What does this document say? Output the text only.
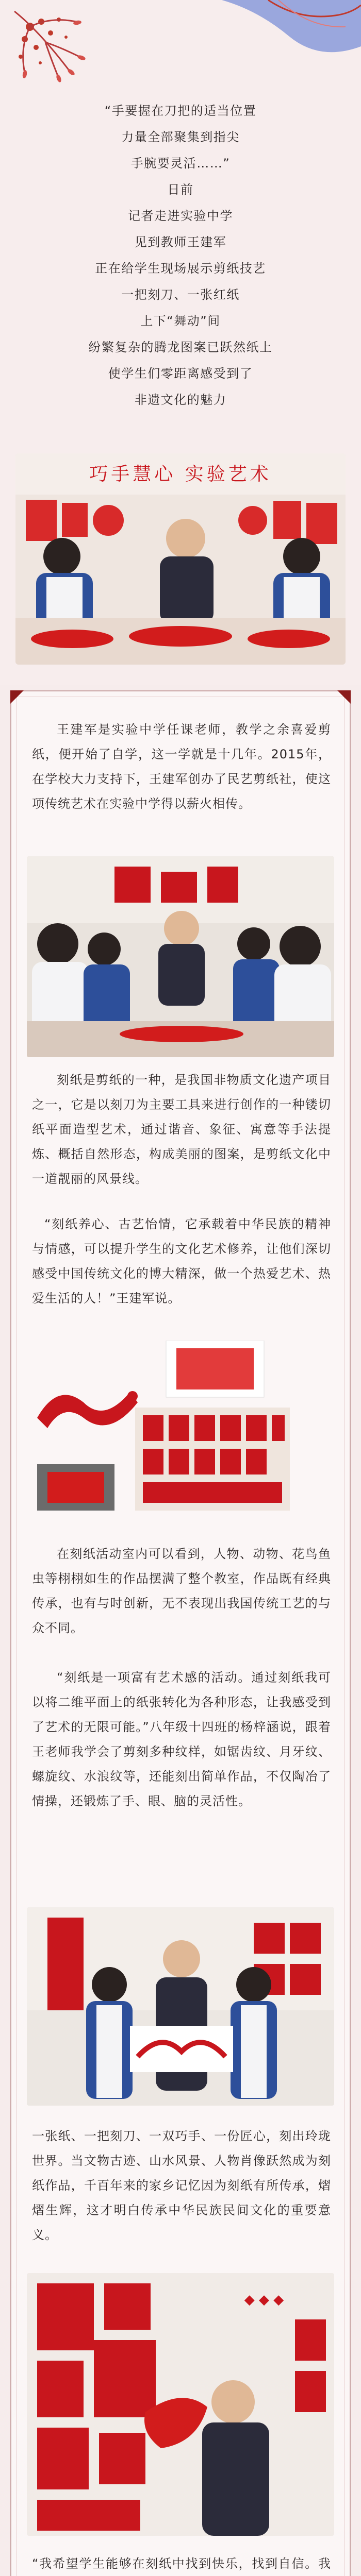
“手要握在刀把的适当位置
力量全部聚集到指尖
手腕要灵活……”
日前
记者走进实验中学
见到教师王建军
正在给学生现场展示剪纸技艺
一把刻刀、一张红纸
上下“舞动”间
纷繁复杂的腾龙图案已跃然纸上
使学生们零距离感受到了
非遗文化的魅力
巧手慧心 实验艺术

王建军是实验中学任课老师，教学之余喜爱剪纸，便开始了自学，这一学就是十几年。2015年，在学校大力支持下，王建军创办了民艺剪纸社，使这项传统艺术在实验中学得以薪火相传。

刻纸是剪纸的一种，是我国非物质文化遗产项目之一，它是以刻刀为主要工具来进行创作的一种镂切纸平面造型艺术，通过谐音、象征、寓意等手法提炼、概括自然形态，构成美丽的图案，是剪纸文化中一道靓丽的风景线。

“刻纸养心、古艺怡情，它承载着中华民族的精神与情感，可以提升学生的文化艺术修养，让他们深切感受中国传统文化的博大精深，做一个热爱艺术、热爱生活的人！”王建军说。

在刻纸活动室内可以看到，人物、动物、花鸟鱼虫等栩栩如生的作品摆满了整个教室，作品既有经典传承，也有与时创新，无不表现出我国传统工艺的与众不同。

“刻纸是一项富有艺术感的活动。通过刻纸我可以将二维平面上的纸张转化为各种形态，让我感受到了艺术的无限可能。”八年级十四班的杨梓涵说，跟着王老师我学会了剪刻多种纹样，如锯齿纹、月牙纹、螺旋纹、水浪纹等，还能刻出简单作品，不仅陶冶了情操，还锻炼了手、眼、脑的灵活性。

一张纸、一把刻刀、一双巧手、一份匠心，刻出玲珑世界。当文物古迹、山水风景、人物肖像跃然成为刻纸作品，千百年来的家乡记忆因为刻纸有所传承，熠熠生辉，这才明白传承中华民族民间文化的重要意义。

◆ ◆ ◆

“我希望学生能够在刻纸中找到快乐，找到自信。我
